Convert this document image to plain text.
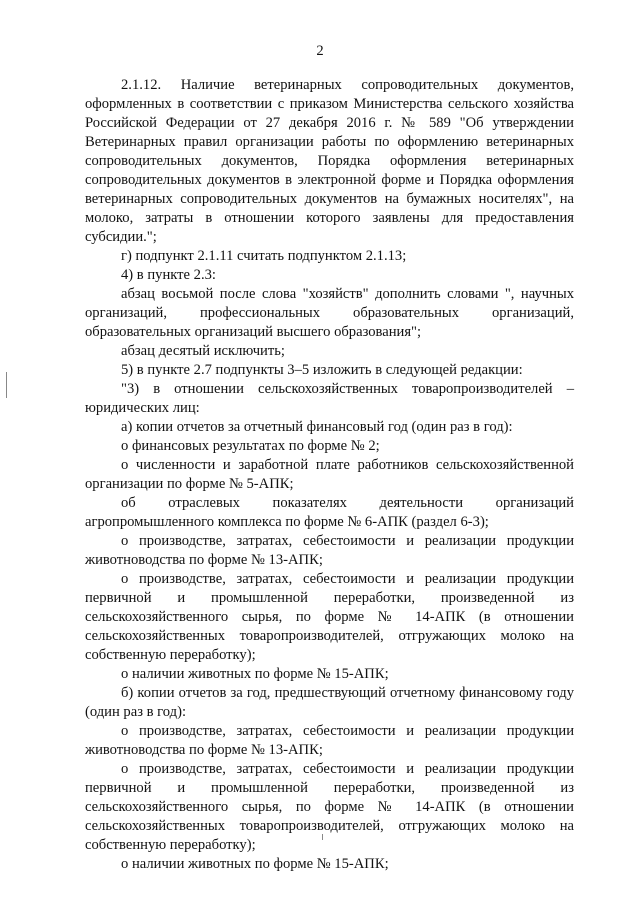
2

2.1.12. Наличие ветеринарных сопроводительных документов, оформленных в соответствии с приказом Министерства сельского хозяйства Российской Федерации от 27 декабря 2016 г. № 589 "Об утверждении Ветеринарных правил организации работы по оформлению ветеринарных сопроводительных документов, Порядка оформления ветеринарных сопроводительных документов в электронной форме и Порядка оформления ветеринарных сопроводительных документов на бумажных носителях", на молоко, затраты в отношении которого заявлены для предоставления субсидии.";

г) подпункт 2.1.11 считать подпунктом 2.1.13;

4) в пункте 2.3:

абзац восьмой после слова "хозяйств" дополнить словами ", научных организаций, профессиональных образовательных организаций, образовательных организаций высшего образования";

абзац десятый исключить;

5) в пункте 2.7 подпункты 3–5 изложить в следующей редакции:

"3) в отношении сельскохозяйственных товаропроизводителей – юридических лиц:

а) копии отчетов за отчетный финансовый год (один раз в год):

о финансовых результатах по форме № 2;

о численности и заработной плате работников сельскохозяйственной организации по форме № 5-АПК;

об отраслевых показателях деятельности организаций агропромышленного комплекса по форме № 6-АПК (раздел 6-3);

о производстве, затратах, себестоимости и реализации продукции животноводства по форме № 13-АПК;

о производстве, затратах, себестоимости и реализации продукции первичной и промышленной переработки, произведенной из сельскохозяйственного сырья, по форме № 14-АПК (в отношении сельскохозяйственных товаропроизводителей, отгружающих молоко на собственную переработку);

о наличии животных по форме № 15-АПК;

б) копии отчетов за год, предшествующий отчетному финансовому году (один раз в год):

о производстве, затратах, себестоимости и реализации продукции животноводства по форме № 13-АПК;

о производстве, затратах, себестоимости и реализации продукции первичной и промышленной переработки, произведенной из сельскохозяйственного сырья, по форме № 14-АПК (в отношении сельскохозяйственных товаропроизводителей, отгружающих молоко на собственную переработку);

о наличии животных по форме № 15-АПК;
